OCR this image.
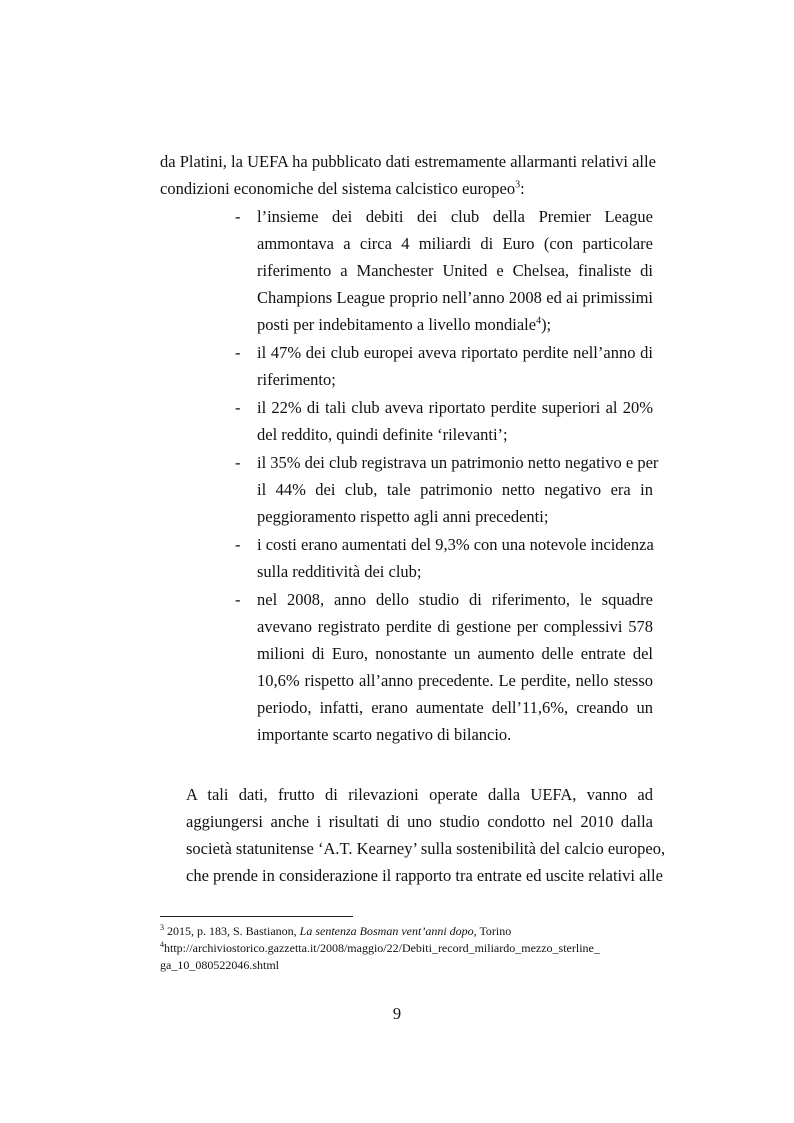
da Platini, la UEFA ha pubblicato dati estremamente allarmanti relativi alle
condizioni economiche del sistema calcistico europeo$^3$:
- l’insieme dei debiti dei club della Premier League
ammontava a circa 4 miliardi di Euro (con particolare
riferimento a Manchester United e Chelsea, finaliste di
Champions League proprio nell’anno 2008 ed ai primissimi
posti per indebitamento a livello mondiale$^4$);
- il 47% dei club europei aveva riportato perdite nell’anno di
riferimento;
- il 22% di tali club aveva riportato perdite superiori al 20%
del reddito, quindi definite ‘rilevanti’;
- il 35% dei club registrava un patrimonio netto negativo e per
il 44% dei club, tale patrimonio netto negativo era in
peggioramento rispetto agli anni precedenti;
- i costi erano aumentati del 9,3% con una notevole incidenza
sulla redditività dei club;
- nel 2008, anno dello studio di riferimento, le squadre
avevano registrato perdite di gestione per complessivi 578
milioni di Euro, nonostante un aumento delle entrate del
10,6% rispetto all’anno precedente. Le perdite, nello stesso
periodo, infatti, erano aumentate dell’11,6%, creando un
importante scarto negativo di bilancio.
A tali dati, frutto di rilevazioni operate dalla UEFA, vanno ad
aggiungersi anche i risultati di uno studio condotto nel 2010 dalla
società statunitense ‘A.T. Kearney’ sulla sostenibilità del calcio europeo,
che prende in considerazione il rapporto tra entrate ed uscite relativi alle
$^3$ 2015, p. 183, S. Bastianon, La sentenza Bosman vent’anni dopo, Torino
$^4$http://archiviostorico.gazzetta.it/2008/maggio/22/Debiti_record_miliardo_mezzo_sterline_
ga_10_080522046.shtml
9
